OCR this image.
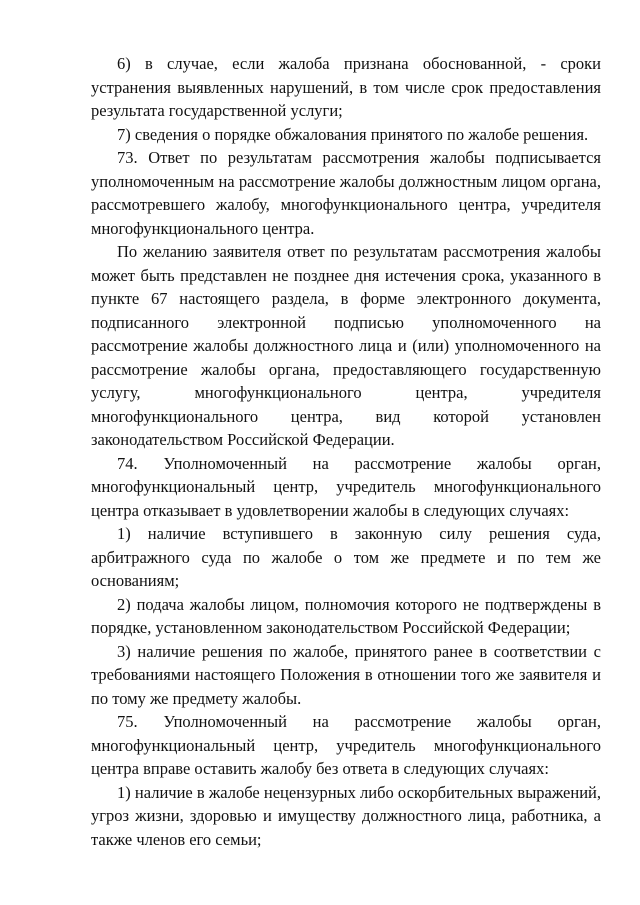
6) в случае, если жалоба признана обоснованной, - сроки устранения выявленных нарушений, в том числе срок предоставления результата государственной услуги;

7) сведения о порядке обжалования принятого по жалобе решения.

73. Ответ по результатам рассмотрения жалобы подписывается уполномоченным на рассмотрение жалобы должностным лицом органа, рассмотревшего жалобу, многофункционального центра, учредителя многофункционального центра.

По желанию заявителя ответ по результатам рассмотрения жалобы может быть представлен не позднее дня истечения срока, указанного в пункте 67 настоящего раздела, в форме электронного документа, подписанного электронной подписью уполномоченного на рассмотрение жалобы должностного лица и (или) уполномоченного на рассмотрение жалобы органа, предоставляющего государственную услугу, многофункционального центра, учредителя многофункционального центра, вид которой установлен законодательством Российской Федерации.

74. Уполномоченный на рассмотрение жалобы орган, многофункциональный центр, учредитель многофункционального центра отказывает в удовлетворении жалобы в следующих случаях:

1) наличие вступившего в законную силу решения суда, арбитражного суда по жалобе о том же предмете и по тем же основаниям;

2) подача жалобы лицом, полномочия которого не подтверждены в порядке, установленном законодательством Российской Федерации;

3) наличие решения по жалобе, принятого ранее в соответствии с требованиями настоящего Положения в отношении того же заявителя и по тому же предмету жалобы.

75. Уполномоченный на рассмотрение жалобы орган, многофункциональный центр, учредитель многофункционального центра вправе оставить жалобу без ответа в следующих случаях:

1) наличие в жалобе нецензурных либо оскорбительных выражений, угроз жизни, здоровью и имуществу должностного лица, работника, а также членов его семьи;
